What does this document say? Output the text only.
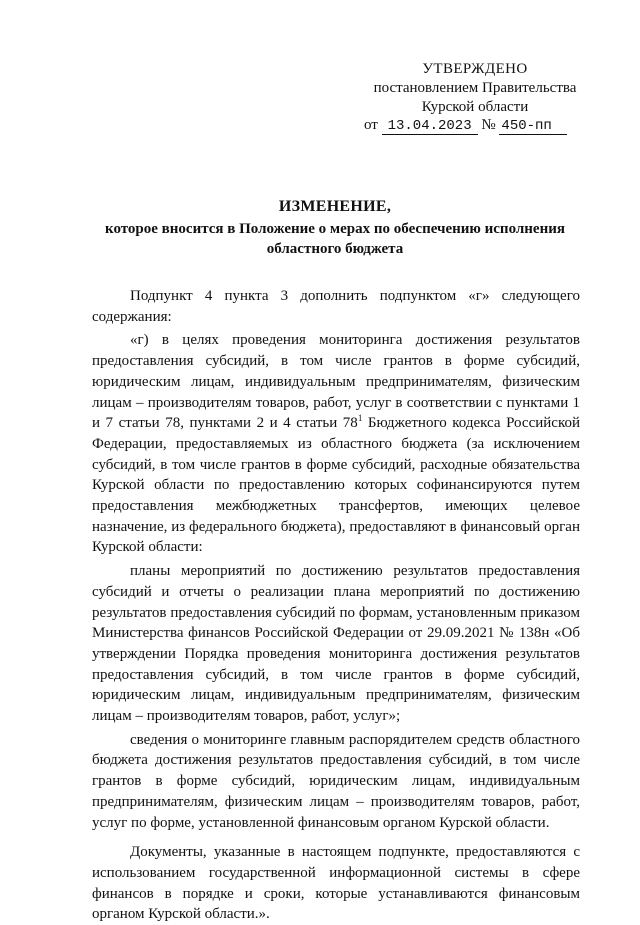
УТВЕРЖДЕНО
постановлением Правительства
Курской области
от 13.04.2023 № 450-пп
ИЗМЕНЕНИЕ,
которое вносится в Положение о мерах по обеспечению исполнения
областного бюджета

Подпункт 4 пункта 3 дополнить подпунктом «г» следующего содержания:

«г) в целях проведения мониторинга достижения результатов предоставления субсидий, в том числе грантов в форме субсидий, юридическим лицам, индивидуальным предпринимателям, физическим лицам – производителям товаров, работ, услуг в соответствии с пунктами 1 и 7 статьи 78, пунктами 2 и 4 статьи $78^1$ Бюджетного кодекса Российской Федерации, предоставляемых из областного бюджета (за исключением субсидий, в том числе грантов в форме субсидий, расходные обязательства Курской области по предоставлению которых софинансируются путем предоставления межбюджетных трансфертов, имеющих целевое назначение, из федерального бюджета), предоставляют в финансовый орган Курской области:

планы мероприятий по достижению результатов предоставления субсидий и отчеты о реализации плана мероприятий по достижению результатов предоставления субсидий по формам, установленным приказом Министерства финансов Российской Федерации от 29.09.2021 № 138н «Об утверждении Порядка проведения мониторинга достижения результатов предоставления субсидий, в том числе грантов в форме субсидий, юридическим лицам, индивидуальным предпринимателям, физическим лицам – производителям товаров, работ, услуг»;

сведения о мониторинге главным распорядителем средств областного бюджета достижения результатов предоставления субсидий, в том числе грантов в форме субсидий, юридическим лицам, индивидуальным предпринимателям, физическим лицам – производителям товаров, работ, услуг по форме, установленной финансовым органом Курской области.

Документы, указанные в настоящем подпункте, предоставляются с использованием государственной информационной системы в сфере финансов в порядке и сроки, которые устанавливаются финансовым органом Курской области.».
